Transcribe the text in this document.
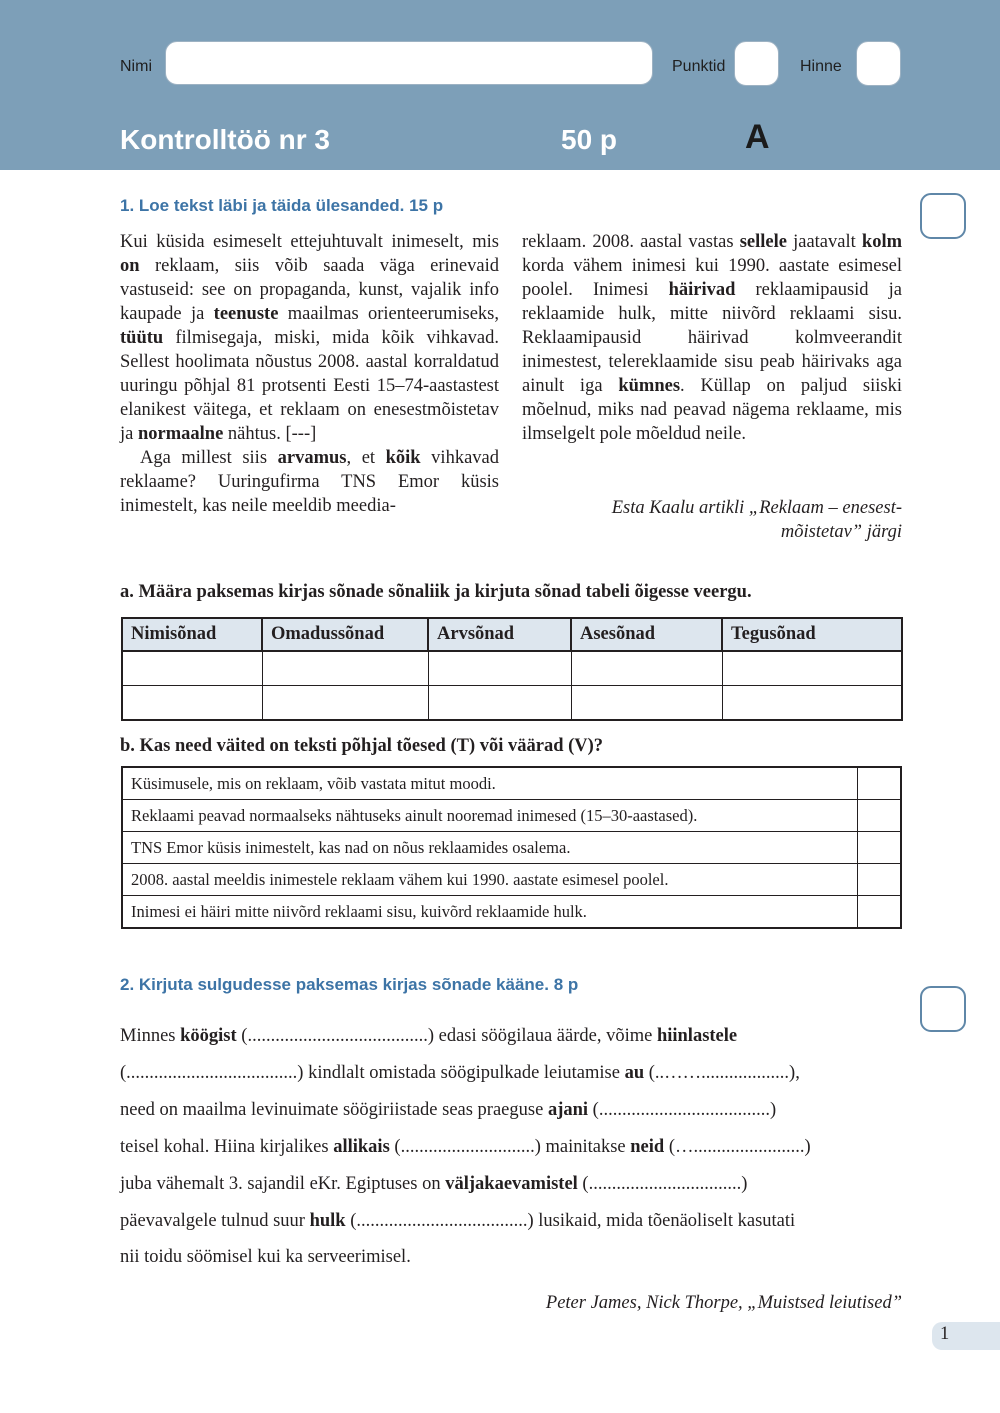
Nimi	Punktid	Hinne
Kontrolltöö nr 3	50 p	A
1. Loe tekst läbi ja täida ülesanded. 15 p

Kui küsida esimeselt ettejuhtuvalt inimeselt, mis on reklaam, siis võib saada väga erinevaid vastuseid: see on propaganda, kunst, vajalik info kaupade ja teenuste maailmas orienteerumiseks, tüütu filmisegaja, miski, mida kõik vihkavad. Sellest hoolimata nõustus 2008. aastal korraldatud uuringu põhjal 81 protsenti Eesti 15–74-aastastest elanikest väitega, et reklaam on enesestmõistetav ja normaalne nähtus. [---]

Aga millest siis arvamus, et kõik vihkavad reklaame? Uuringufirma TNS Emor küsis inimestelt, kas neile meeldib meedia-

reklaam. 2008. aastal vastas sellele jaatavalt kolm korda vähem inimesi kui 1990. aastate esimesel poolel. Inimesi häirivad reklaamipausid ja reklaamide hulk, mitte niivõrd reklaami sisu. Reklaamipausid häirivad kolmveerandit inimestest, telereklaamide sisu peab häirivaks aga ainult iga kümnes. Küllap on paljud siiski mõelnud, miks nad peavad nägema reklaame, mis ilmselgelt pole mõeldud neile.

Esta Kaalu artikli „Reklaam – enesest-
mõistetav” järgi
a. Määra paksemas kirjas sõnade sõnaliik ja kirjuta sõnad tabeli õigesse veergu.
Nimisõnad	Omadussõnad	Arvsõnad	Asesõnad	Tegusõnad

b. Kas need väited on teksti põhjal tõesed (T) või väärad (V)?
Küsimusele, mis on reklaam, võib vastata mitut moodi.	
Reklaami peavad normaalseks nähtuseks ainult nooremad inimesed (15–30-aastased).	
TNS Emor küsis inimestelt, kas nad on nõus reklaamides osalema.	
2008. aastal meeldis inimestele reklaam vähem kui 1990. aastate esimesel poolel.	
Inimesi ei häiri mitte niivõrd reklaami sisu, kuivõrd reklaamide hulk.	
2. Kirjuta sulgudesse paksemas kirjas sõnade kääne. 8 p
Minnes köögist (.......................................) edasi söögilaua äärde, võime hiinlastele
(.....................................) kindlalt omistada söögipulkade leiutamise au (..……...................),
need on maailma levinuimate söögiriistade seas praeguse ajani (.....................................)
teisel kohal. Hiina kirjalikes allikais (.............................) mainitakse neid (…........................)
juba vähemalt 3. sajandil eKr. Egiptuses on väljakaevamistel (.................................)
päevavalgele tulnud suur hulk (.....................................) lusikaid, mida tõenäoliselt kasutati
nii toidu söömisel kui ka serveerimisel.
Peter James, Nick Thorpe, „Muistsed leiutised”
1
